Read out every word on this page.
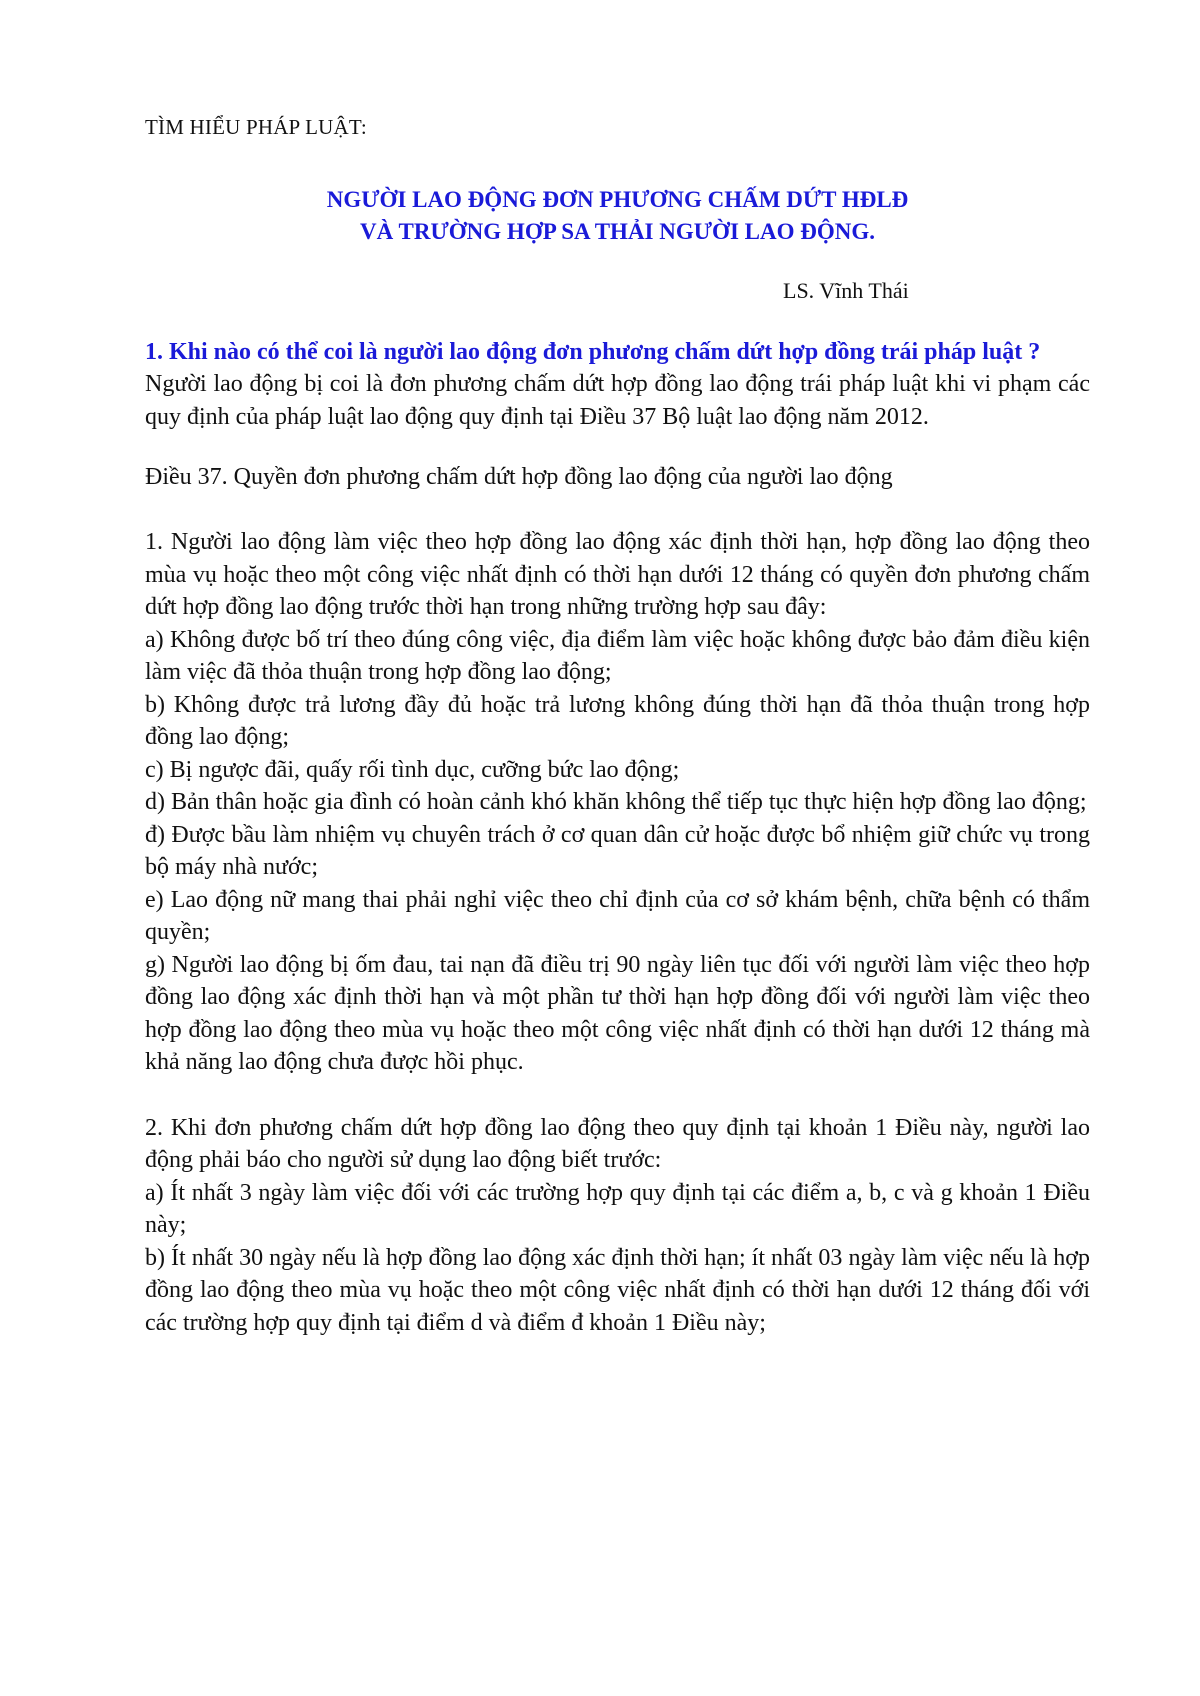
TÌM HIỂU PHÁP LUẬT:

NGƯỜI LAO ĐỘNG ĐƠN PHƯƠNG CHẤM DỨT HĐLĐ
VÀ TRƯỜNG HỢP SA THẢI NGƯỜI LAO ĐỘNG.

LS. Vĩnh Thái

1. Khi nào có thể coi là người lao động đơn phương chấm dứt hợp đồng trái pháp luật ?

Người lao động bị coi là đơn phương chấm dứt hợp đồng lao động trái pháp luật khi vi phạm các quy định của pháp luật lao động quy định tại Điều 37 Bộ luật lao động năm 2012.

Điều 37. Quyền đơn phương chấm dứt hợp đồng lao động của người lao động

1. Người lao động làm việc theo hợp đồng lao động xác định thời hạn, hợp đồng lao động theo mùa vụ hoặc theo một công việc nhất định có thời hạn dưới 12 tháng có quyền đơn phương chấm dứt hợp đồng lao động trước thời hạn trong những trường hợp sau đây:

a) Không được bố trí theo đúng công việc, địa điểm làm việc hoặc không được bảo đảm điều kiện làm việc đã thỏa thuận trong hợp đồng lao động;

b) Không được trả lương đầy đủ hoặc trả lương không đúng thời hạn đã thỏa thuận trong hợp đồng lao động;

c) Bị ngược đãi, quấy rối tình dục, cưỡng bức lao động;

d) Bản thân hoặc gia đình có hoàn cảnh khó khăn không thể tiếp tục thực hiện hợp đồng lao động;

đ) Được bầu làm nhiệm vụ chuyên trách ở cơ quan dân cử hoặc được bổ nhiệm giữ chức vụ trong bộ máy nhà nước;

e) Lao động nữ mang thai phải nghỉ việc theo chỉ định của cơ sở khám bệnh, chữa bệnh có thẩm quyền;

g) Người lao động bị ốm đau, tai nạn đã điều trị 90 ngày liên tục đối với người làm việc theo hợp đồng lao động xác định thời hạn và một phần tư thời hạn hợp đồng đối với người làm việc theo hợp đồng lao động theo mùa vụ hoặc theo một công việc nhất định có thời hạn dưới 12 tháng mà khả năng lao động chưa được hồi phục.

2. Khi đơn phương chấm dứt hợp đồng lao động theo quy định tại khoản 1 Điều này, người lao động phải báo cho người sử dụng lao động biết trước:

a) Ít nhất 3 ngày làm việc đối với các trường hợp quy định tại các điểm a, b, c và g khoản 1 Điều này;

b) Ít nhất 30 ngày nếu là hợp đồng lao động xác định thời hạn; ít nhất 03 ngày làm việc nếu là hợp đồng lao động theo mùa vụ hoặc theo một công việc nhất định có thời hạn dưới 12 tháng đối với các trường hợp quy định tại điểm d và điểm đ khoản 1 Điều này;
